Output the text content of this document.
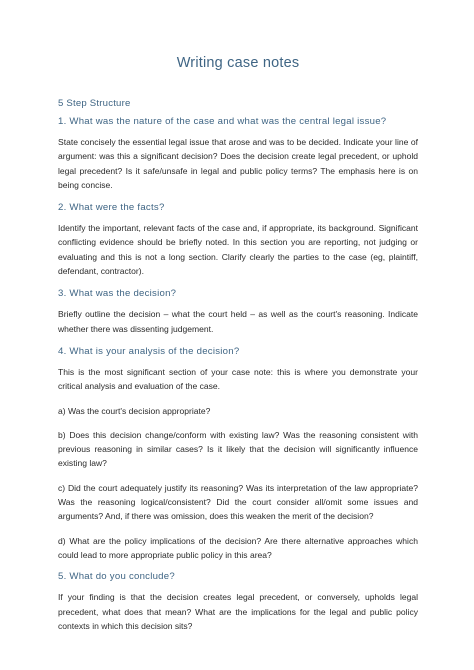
Writing case notes
5 Step Structure
1. What was the nature of the case and what was the central legal issue?

State concisely the essential legal issue that arose and was to be decided. Indicate your line of argument: was this a significant decision? Does the decision create legal precedent, or uphold legal precedent? Is it safe/unsafe in legal and public policy terms? The emphasis here is on being concise.

2. What were the facts?

Identify the important, relevant facts of the case and, if appropriate, its background. Significant conflicting evidence should be briefly noted. In this section you are reporting, not judging or evaluating and this is not a long section. Clarify clearly the parties to the case (eg, plaintiff, defendant, contractor).

3. What was the decision?

Briefly outline the decision – what the court held – as well as the court's reasoning. Indicate whether there was dissenting judgement.

4. What is your analysis of the decision?

This is the most significant section of your case note: this is where you demonstrate your critical analysis and evaluation of the case.

a) Was the court's decision appropriate?

b) Does this decision change/conform with existing law? Was the reasoning consistent with previous reasoning in similar cases? Is it likely that the decision will significantly influence existing law?

c) Did the court adequately justify its reasoning? Was its interpretation of the law appropriate? Was the reasoning logical/consistent? Did the court consider all/omit some issues and arguments? And, if there was omission, does this weaken the merit of the decision?

d) What are the policy implications of the decision? Are there alternative approaches which could lead to more appropriate public policy in this area?

5. What do you conclude?

If your finding is that the decision creates legal precedent, or conversely, upholds legal precedent, what does that mean? What are the implications for the legal and public policy contexts in which this decision sits?
